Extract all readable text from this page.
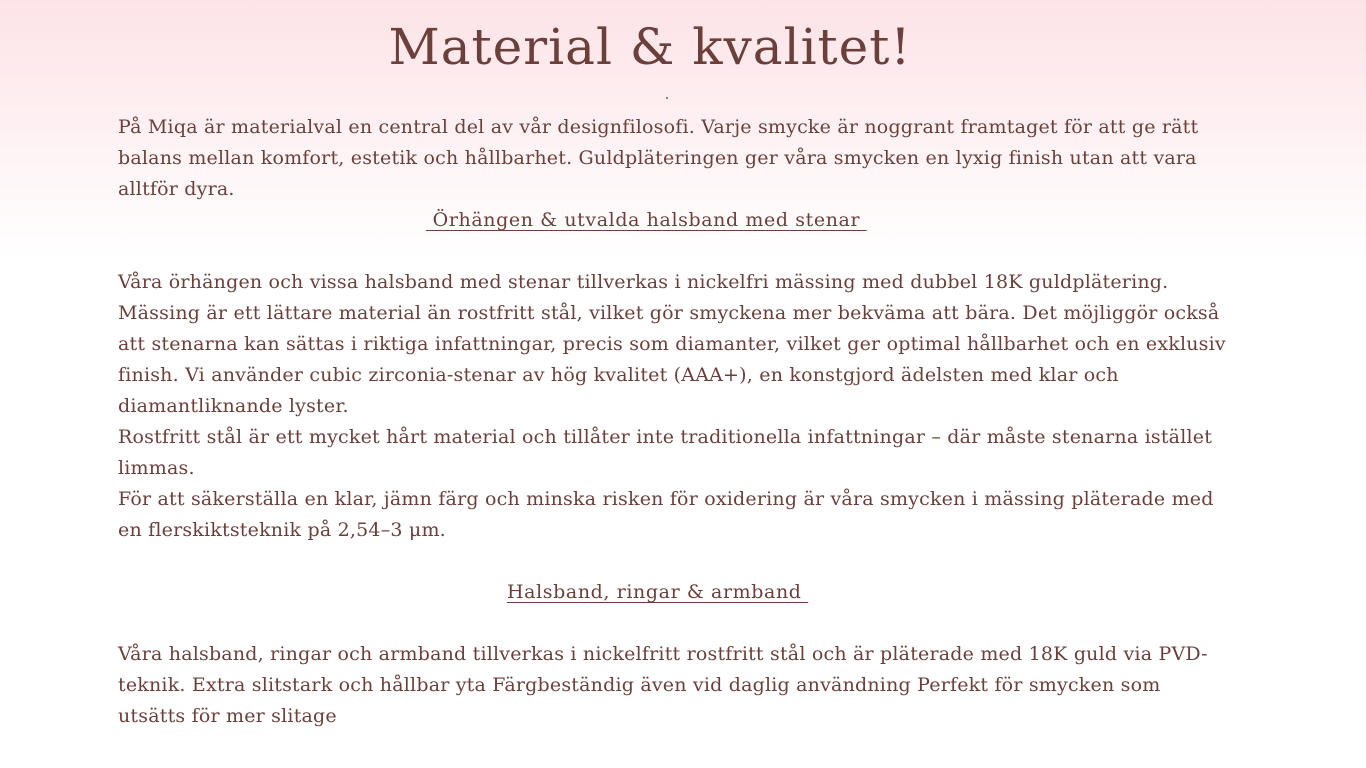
Material & kvalitet!

På Miqa är materialval en central del av vår designfilosofi. Varje smycke är noggrant framtaget för att ge rätt balans mellan komfort, estetik och hållbarhet. Guldpläteringen ger våra smycken en lyxig finish utan att vara alltför dyra.

Örhängen & utvalda halsband med stenar

Våra örhängen och vissa halsband med stenar tillverkas i nickelfri mässing med dubbel 18K guldplätering. Mässing är ett lättare material än rostfritt stål, vilket gör smyckena mer bekväma att bära. Det möjliggör också att stenarna kan sättas i riktiga infattningar, precis som diamanter, vilket ger optimal hållbarhet och en exklusiv finish. Vi använder cubic zirconia-stenar av hög kvalitet (AAA+), en konstgjord ädelsten med klar och diamantliknande lyster.

Rostfritt stål är ett mycket hårt material och tillåter inte traditionella infattningar – där måste stenarna istället limmas.

För att säkerställa en klar, jämn färg och minska risken för oxidering är våra smycken i mässing pläterade med en flerskiktsteknik på 2,54–3 μm.

Halsband, ringar & armband

Våra halsband, ringar och armband tillverkas i nickelfritt rostfritt stål och är pläterade med 18K guld via PVD-teknik. Extra slitstark och hållbar yta Färgbeständig även vid daglig användning Perfekt för smycken som utsätts för mer slitage
